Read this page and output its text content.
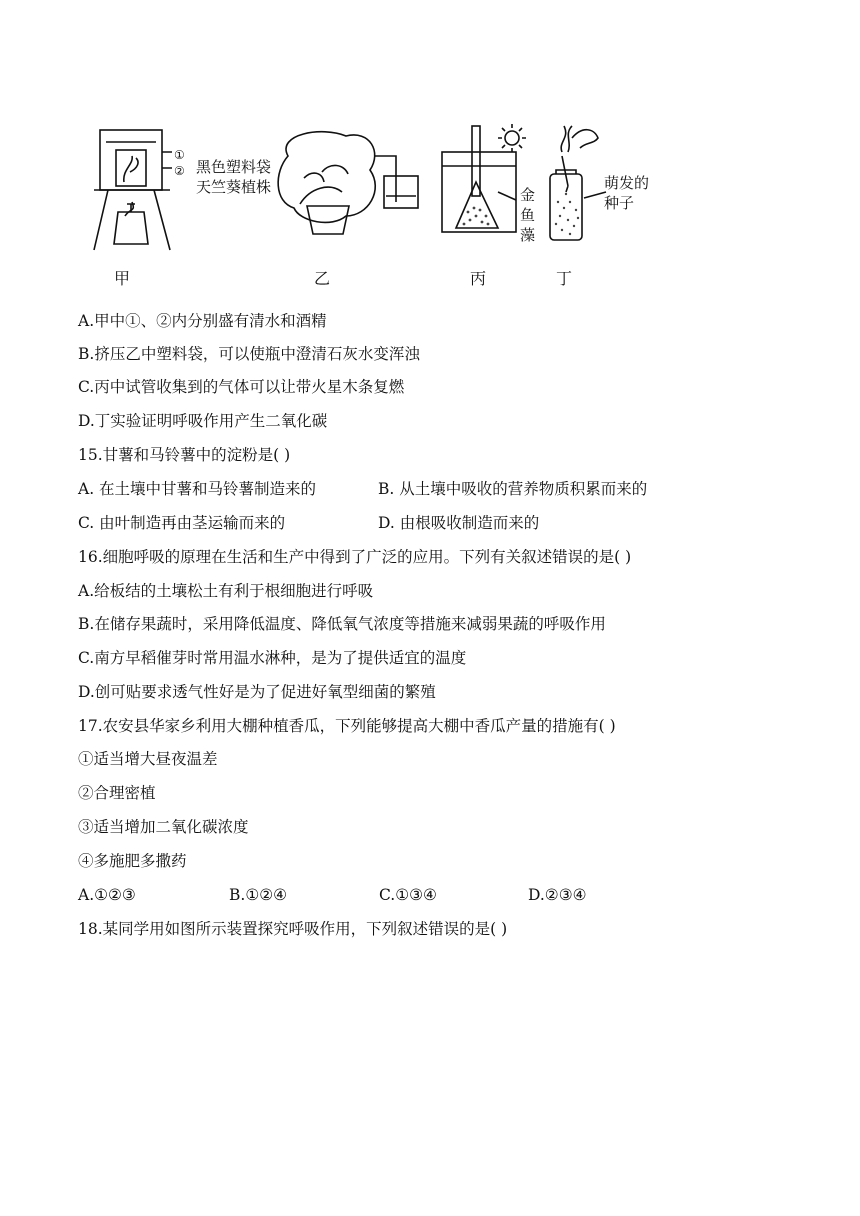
①
② 黑色塑料袋
天竺葵植株	金
鱼
藻
萌发的
种子
甲	乙	丙	丁
A.甲中①、②内分别盛有清水和酒精
B.挤压乙中塑料袋，可以使瓶中澄清石灰水变浑浊
C.丙中试管收集到的气体可以让带火星木条复燃
D.丁实验证明呼吸作用产生二氧化碳
15.甘薯和马铃薯中的淀粉是( )
A. 在土壤中甘薯和马铃薯制造来的	B. 从土壤中吸收的营养物质积累而来的
C. 由叶制造再由茎运输而来的	D. 由根吸收制造而来的
16.细胞呼吸的原理在生活和生产中得到了广泛的应用。下列有关叙述错误的是( )
A.给板结的土壤松土有利于根细胞进行呼吸
B.在储存果蔬时，采用降低温度、降低氧气浓度等措施来减弱果蔬的呼吸作用
C.南方早稻催芽时常用温水淋种，是为了提供适宜的温度
D.创可贴要求透气性好是为了促进好氧型细菌的繁殖
17.农安县华家乡利用大棚种植香瓜，下列能够提高大棚中香瓜产量的措施有( )
①适当增大昼夜温差
②合理密植
③适当增加二氧化碳浓度
④多施肥多撒药
A.①②③	B.①②④	C.①③④	D.②③④
18.某同学用如图所示装置探究呼吸作用，下列叙述错误的是( )
